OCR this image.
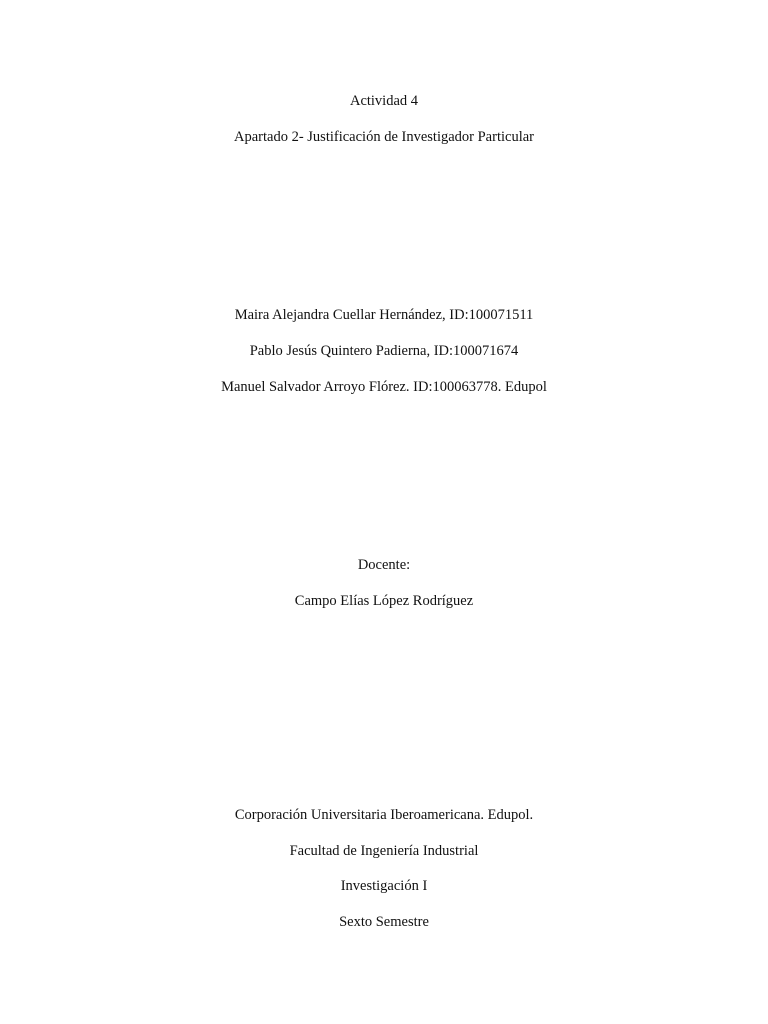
Actividad 4
Apartado 2- Justificación de Investigador Particular
Maira Alejandra Cuellar Hernández, ID:100071511
Pablo Jesús Quintero Padierna, ID:100071674
Manuel Salvador Arroyo Flórez. ID:100063778. Edupol
Docente:
Campo Elías López Rodríguez
Corporación Universitaria Iberoamericana. Edupol.
Facultad de Ingeniería Industrial
Investigación I
Sexto Semestre
